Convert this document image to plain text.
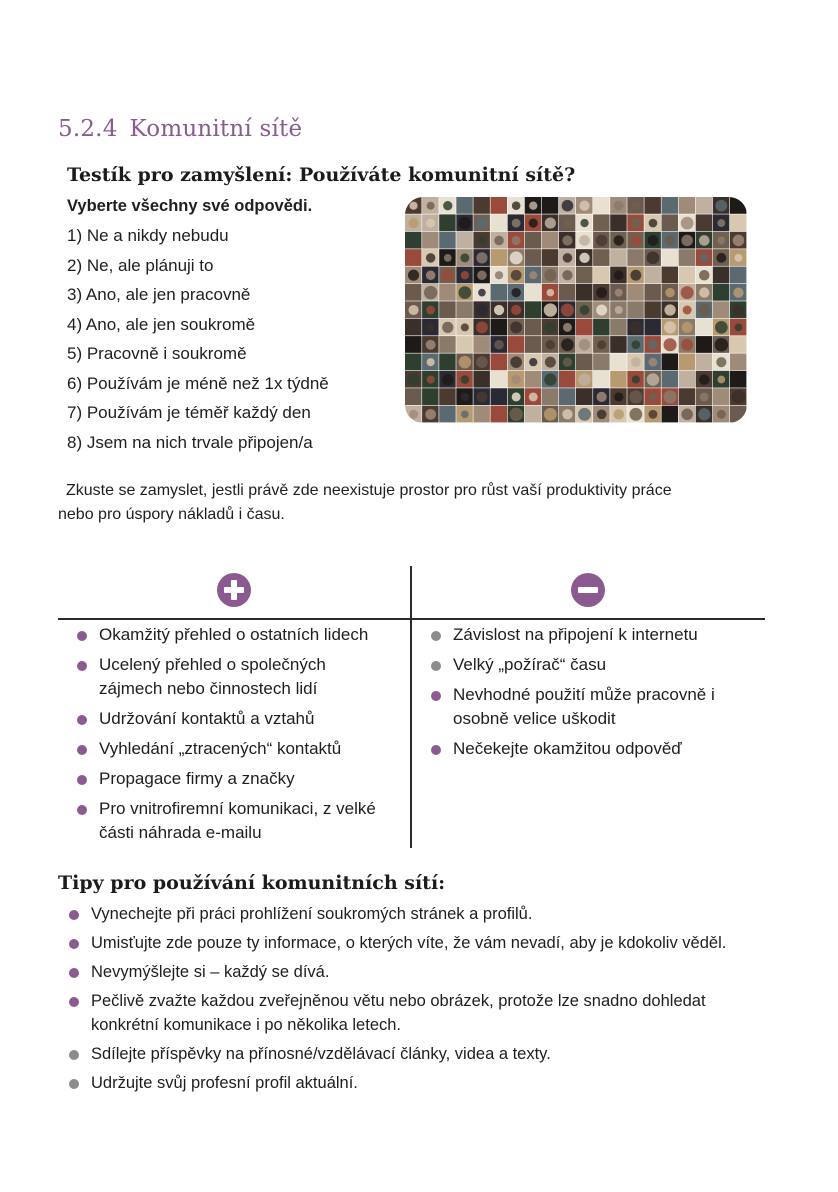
5.2.4 Komunitní sítě
Testík pro zamyšlení: Používáte komunitní sítě?
Vyberte všechny své odpovědi.
1) Ne a nikdy nebudu
2) Ne, ale plánuji to
3) Ano, ale jen pracovně
4) Ano, ale jen soukromě
5) Pracovně i soukromě
6) Používám je méně než 1x týdně
7) Používám je téměř každý den
8) Jsem na nich trvale připojen/a
Zkuste se zamyslet, jestli právě zde neexistuje prostor pro růst vaší produktivity práce
nebo pro úspory nákladů i času.
Okamžitý přehled o ostatních lidech
Ucelený přehled o společných
zájmech nebo činnostech lidí
Udržování kontaktů a vztahů
Vyhledání „ztracených“ kontaktů
Propagace firmy a značky
Pro vnitrofiremní komunikaci, z velké
části náhrada e-mailu
Závislost na připojení k internetu
Velký „požírač“ času
Nevhodné použití může pracovně i
osobně velice uškodit
Nečekejte okamžitou odpověď
Tipy pro používání komunitních sítí:
Vynechejte při práci prohlížení soukromých stránek a profilů.
Umisťujte zde pouze ty informace, o kterých víte, že vám nevadí, aby je kdokoliv věděl.
Nevymýšlejte si – každý se dívá.
Pečlivě zvažte každou zveřejněnou větu nebo obrázek, protože lze snadno dohledat
konkrétní komunikace i po několika letech.
Sdílejte příspěvky na přínosné/vzdělávací články, videa a texty.
Udržujte svůj profesní profil aktuální.
